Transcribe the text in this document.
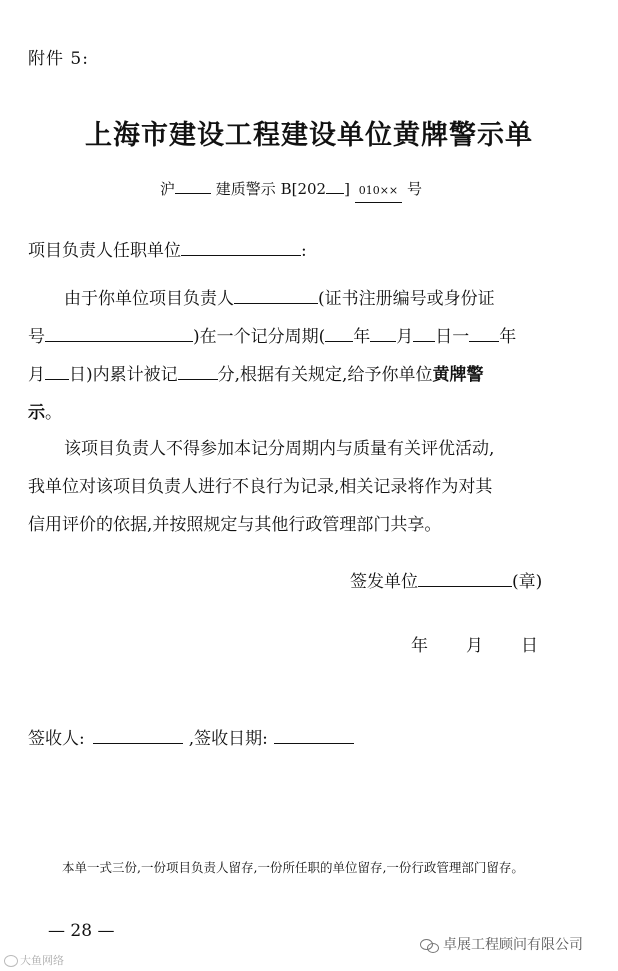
附件 5:
上海市建设工程建设单位黄牌警示单
沪	建质警示 B[202 ] 010×× 号
项目负责人任职单位	:
由于你单位项目负责人	(证书注册编号或身份证
号	)在一个记分周期( 年 月 日一 年
月 日)内累计被记 分,根据有关规定,给予你单位黄牌警
示。
该项目负责人不得参加本记分周期内与质量有关评优活动,
我单位对该项目负责人进行不良行为记录,相关记录将作为对其
信用评价的依据,并按照规定与其他行政管理部门共享。
签发单位	(章)
年 月 日
签收人:	,签收日期:
本单一式三份,一份项目负责人留存,一份所任职的单位留存,一份行政管理部门留存。
— 28 —
卓展工程顾问有限公司
大鱼网络
